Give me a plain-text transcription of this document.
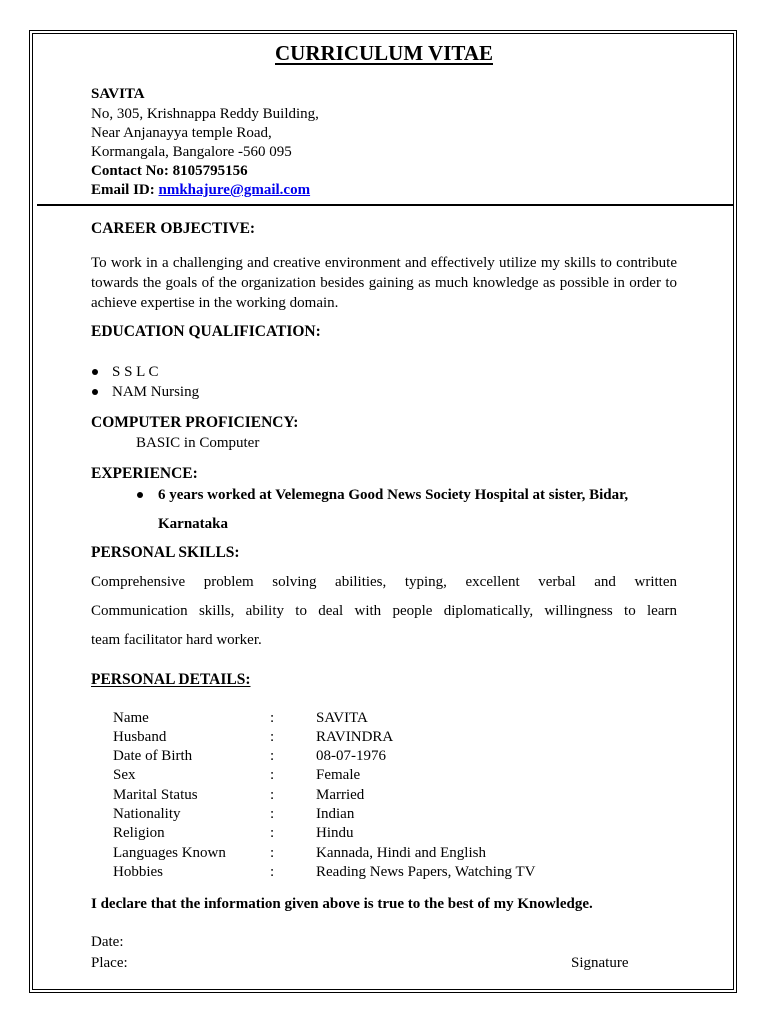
CURRICULUM VITAE
SAVITA
No, 305, Krishnappa Reddy Building,
Near Anjanayya temple Road,
Kormangala, Bangalore -560 095
Contact No: 8105795156
Email ID: nmkhajure@gmail.com
CAREER OBJECTIVE:
To work in a challenging and creative environment and effectively utilize my skills to contribute towards the goals of the organization besides gaining as much knowledge as possible in order to achieve expertise in the working domain.
EDUCATION QUALIFICATION:
S S L C
NAM Nursing
COMPUTER PROFICIENCY:
BASIC in Computer
EXPERIENCE:
6 years worked at Velemegna Good News Society Hospital at sister, Bidar,
Karnataka
PERSONAL SKILLS:
Comprehensive problem solving abilities, typing, excellent verbal and written
Communication skills, ability to deal with people diplomatically, willingness to learn
team facilitator hard worker.
PERSONAL DETAILS:
Name	:	SAVITA
Husband	:	RAVINDRA
Date of Birth	:	08-07-1976
Sex	:	Female
Marital Status	:	Married
Nationality	:	Indian
Religion	:	Hindu
Languages Known	:	Kannada, Hindi and English
Hobbies	:	Reading News Papers, Watching TV
I declare that the information given above is true to the best of my Knowledge.
Date:
Place:	Signature
